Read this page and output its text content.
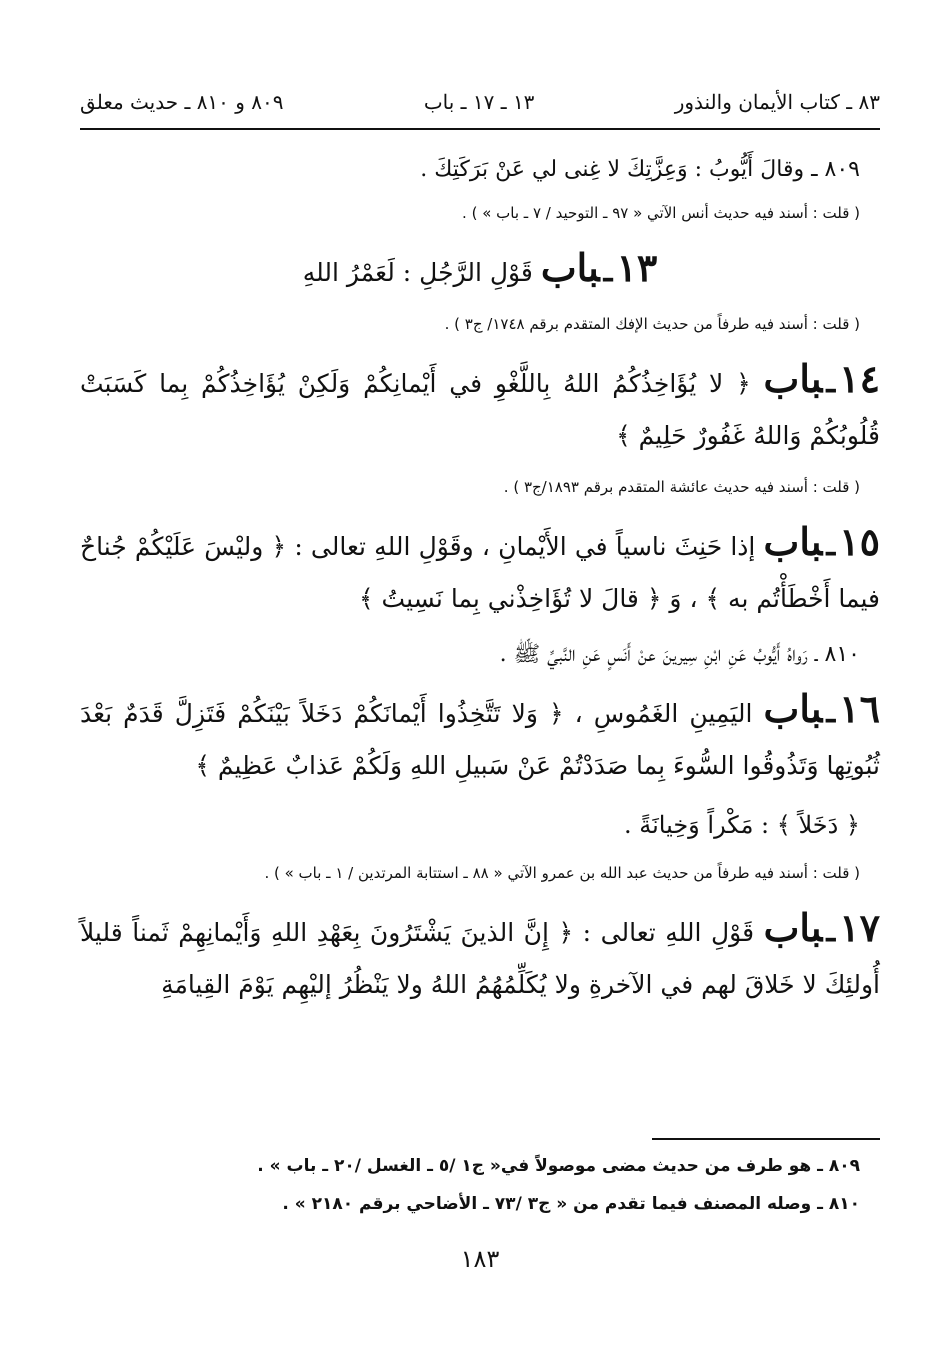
٨٣ ـ كتاب الأيمان والنذور
١٣ ـ ١٧ ـ باب
٨٠٩ و ٨١٠ ـ حديث معلق

٨٠٩ ـ وقالَ أَيُّوبُ : وَعِزَّتِكَ لا غِنى لي عَنْ بَرَكَتِكَ .

( قلت : أسند فيه حديث أنس الآتي « ٩٧ ـ التوحيد / ٧ ـ باب » ) .

١٣ـباب قَوْلِ الرَّجُلِ : لَعَمْرُ اللهِ

( قلت : أسند فيه طرفاً من حديث الإفك المتقدم برقم ١٧٤٨/ ج٣ ) .

١٤ـباب ﴿ لا يُؤَاخِذُكُمُ اللهُ بِاللَّغْوِ في أَيْمانِكُمْ وَلَكِنْ يُؤَاخِذُكُمْ بِما كَسَبَتْ قُلُوبُكُمْ وَاللهُ غَفُورٌ حَلِيمٌ ﴾

( قلت : أسند فيه حديث عائشة المتقدم برقم ١٨٩٣/ج٣ ) .

١٥ـباب إذا حَنِثَ ناسياً في الأَيْمانِ ، وقَوْلِ اللهِ تعالى : ﴿ وليْسَ عَلَيْكُمْ جُناحٌ فيما أَخْطَأْتُم به ﴾ ، وَ ﴿ قالَ لا تُؤَاخِذْني بِما نَسِيتُ ﴾

٨١٠ ـ رَواهُ أَيُّوبُ عَنِ ابْنِ سِيرينَ عنْ أَنَسٍ عَنِ النَّبيِّ ﷺ .

١٦ـباب اليَمِينِ الغَمُوسِ ، ﴿ وَلا تَتَّخِذُوا أَيْمانَكُمْ دَخَلاً بَيْنَكُمْ فَتَزِلَّ قَدَمٌ بَعْدَ ثُبُوتِها وَتَذُوقُوا السُّوءَ بِما صَدَدْتُمْ عَنْ سَبيلِ اللهِ وَلَكُمْ عَذابٌ عَظِيمٌ ﴾

﴿ دَخَلاً ﴾ : مَكْراً وَخِيانَةً .

( قلت : أسند فيه طرفاً من حديث عبد الله بن عمرو الآتي « ٨٨ ـ استتابة المرتدين / ١ ـ باب » ) .

١٧ـباب قَوْلِ اللهِ تعالى : ﴿ إِنَّ الذينَ يَشْتَرُونَ بِعَهْدِ اللهِ وَأَيْمانِهِمْ ثَمناً قليلاً أُولئِكَ لا خَلاقَ لهم في الآخرةِ ولا يُكَلِّمُهُمُ اللهُ ولا يَنْظُرُ إليْهِم يَوْمَ القِيامَةِ

٨٠٩ ـ هو طرف من حديث مضى موصولاً في« ج١ /٥ ـ الغسل /٢٠ ـ باب » .

٨١٠ ـ وصله المصنف فيما تقدم من « ج٣ /٧٣ ـ الأضاحي برقم ٢١٨٠ » .

١٨٣
